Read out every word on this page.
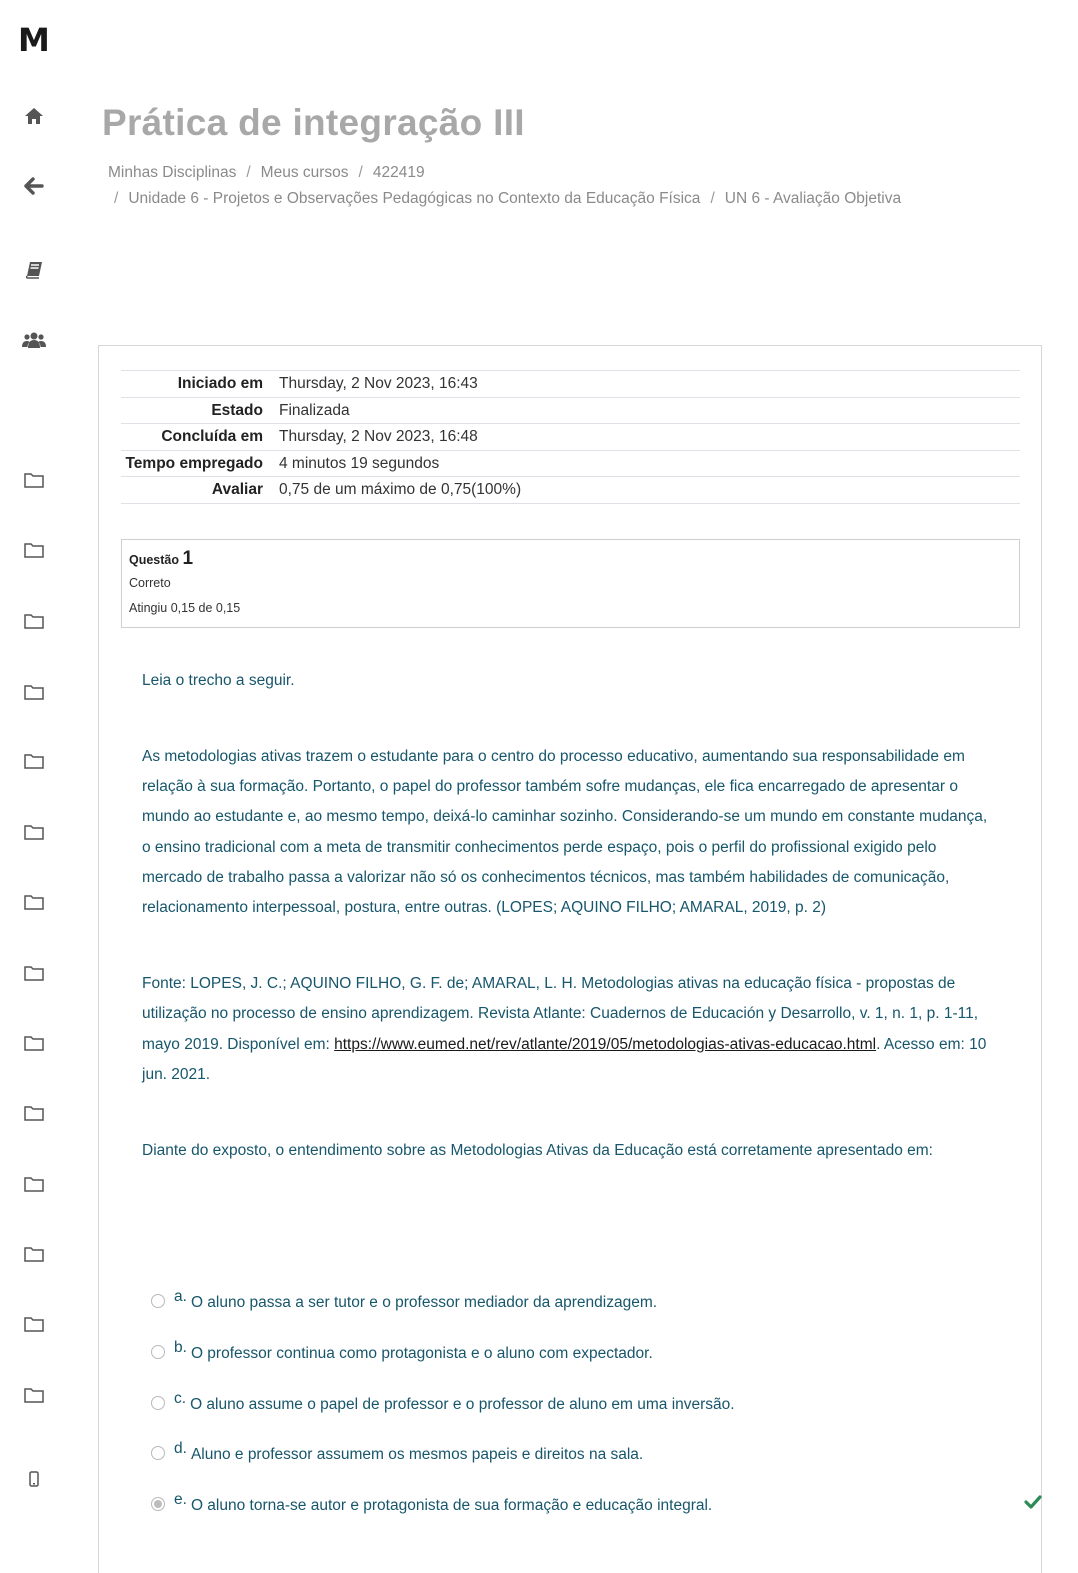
M
Prática de integração III
Minhas Disciplinas / Meus cursos / 422419
/ Unidade 6 - Projetos e Observações Pedagógicas no Contexto da Educação Física / UN 6 - Avaliação Objetiva
Iniciado em	Thursday, 2 Nov 2023, 16:43
Estado	Finalizada
Concluída em	Thursday, 2 Nov 2023, 16:48
Tempo empregado	4 minutos 19 segundos
Avaliar	0,75 de um máximo de 0,75(100%)
Questão 1
Correto
Atingiu 0,15 de 0,15

Leia o trecho a seguir.

As metodologias ativas trazem o estudante para o centro do processo educativo, aumentando sua responsabilidade em relação à sua formação. Portanto, o papel do professor também sofre mudanças, ele fica encarregado de apresentar o mundo ao estudante e, ao mesmo tempo, deixá-lo caminhar sozinho. Considerando-se um mundo em constante mudança, o ensino tradicional com a meta de transmitir conhecimentos perde espaço, pois o perfil do profissional exigido pelo mercado de trabalho passa a valorizar não só os conhecimentos técnicos, mas também habilidades de comunicação, relacionamento interpessoal, postura, entre outras. (LOPES; AQUINO FILHO; AMARAL, 2019, p. 2)

Fonte: LOPES, J. C.; AQUINO FILHO, G. F. de; AMARAL, L. H. Metodologias ativas na educação física - propostas de utilização no processo de ensino aprendizagem. Revista Atlante: Cuadernos de Educación y Desarrollo, v. 1, n. 1, p. 1-11, mayo 2019. Disponível em: https://www.eumed.net/rev/atlante/2019/05/metodologias-ativas-educacao.html. Acesso em: 10 jun. 2021.

Diante do exposto, o entendimento sobre as Metodologias Ativas da Educação está corretamente apresentado em:

a. O aluno passa a ser tutor e o professor mediador da aprendizagem.
b. O professor continua como protagonista e o aluno com expectador.
c. O aluno assume o papel de professor e o professor de aluno em uma inversão.
d. Aluno e professor assumem os mesmos papeis e direitos na sala.
e. O aluno torna-se autor e protagonista de sua formação e educação integral.
